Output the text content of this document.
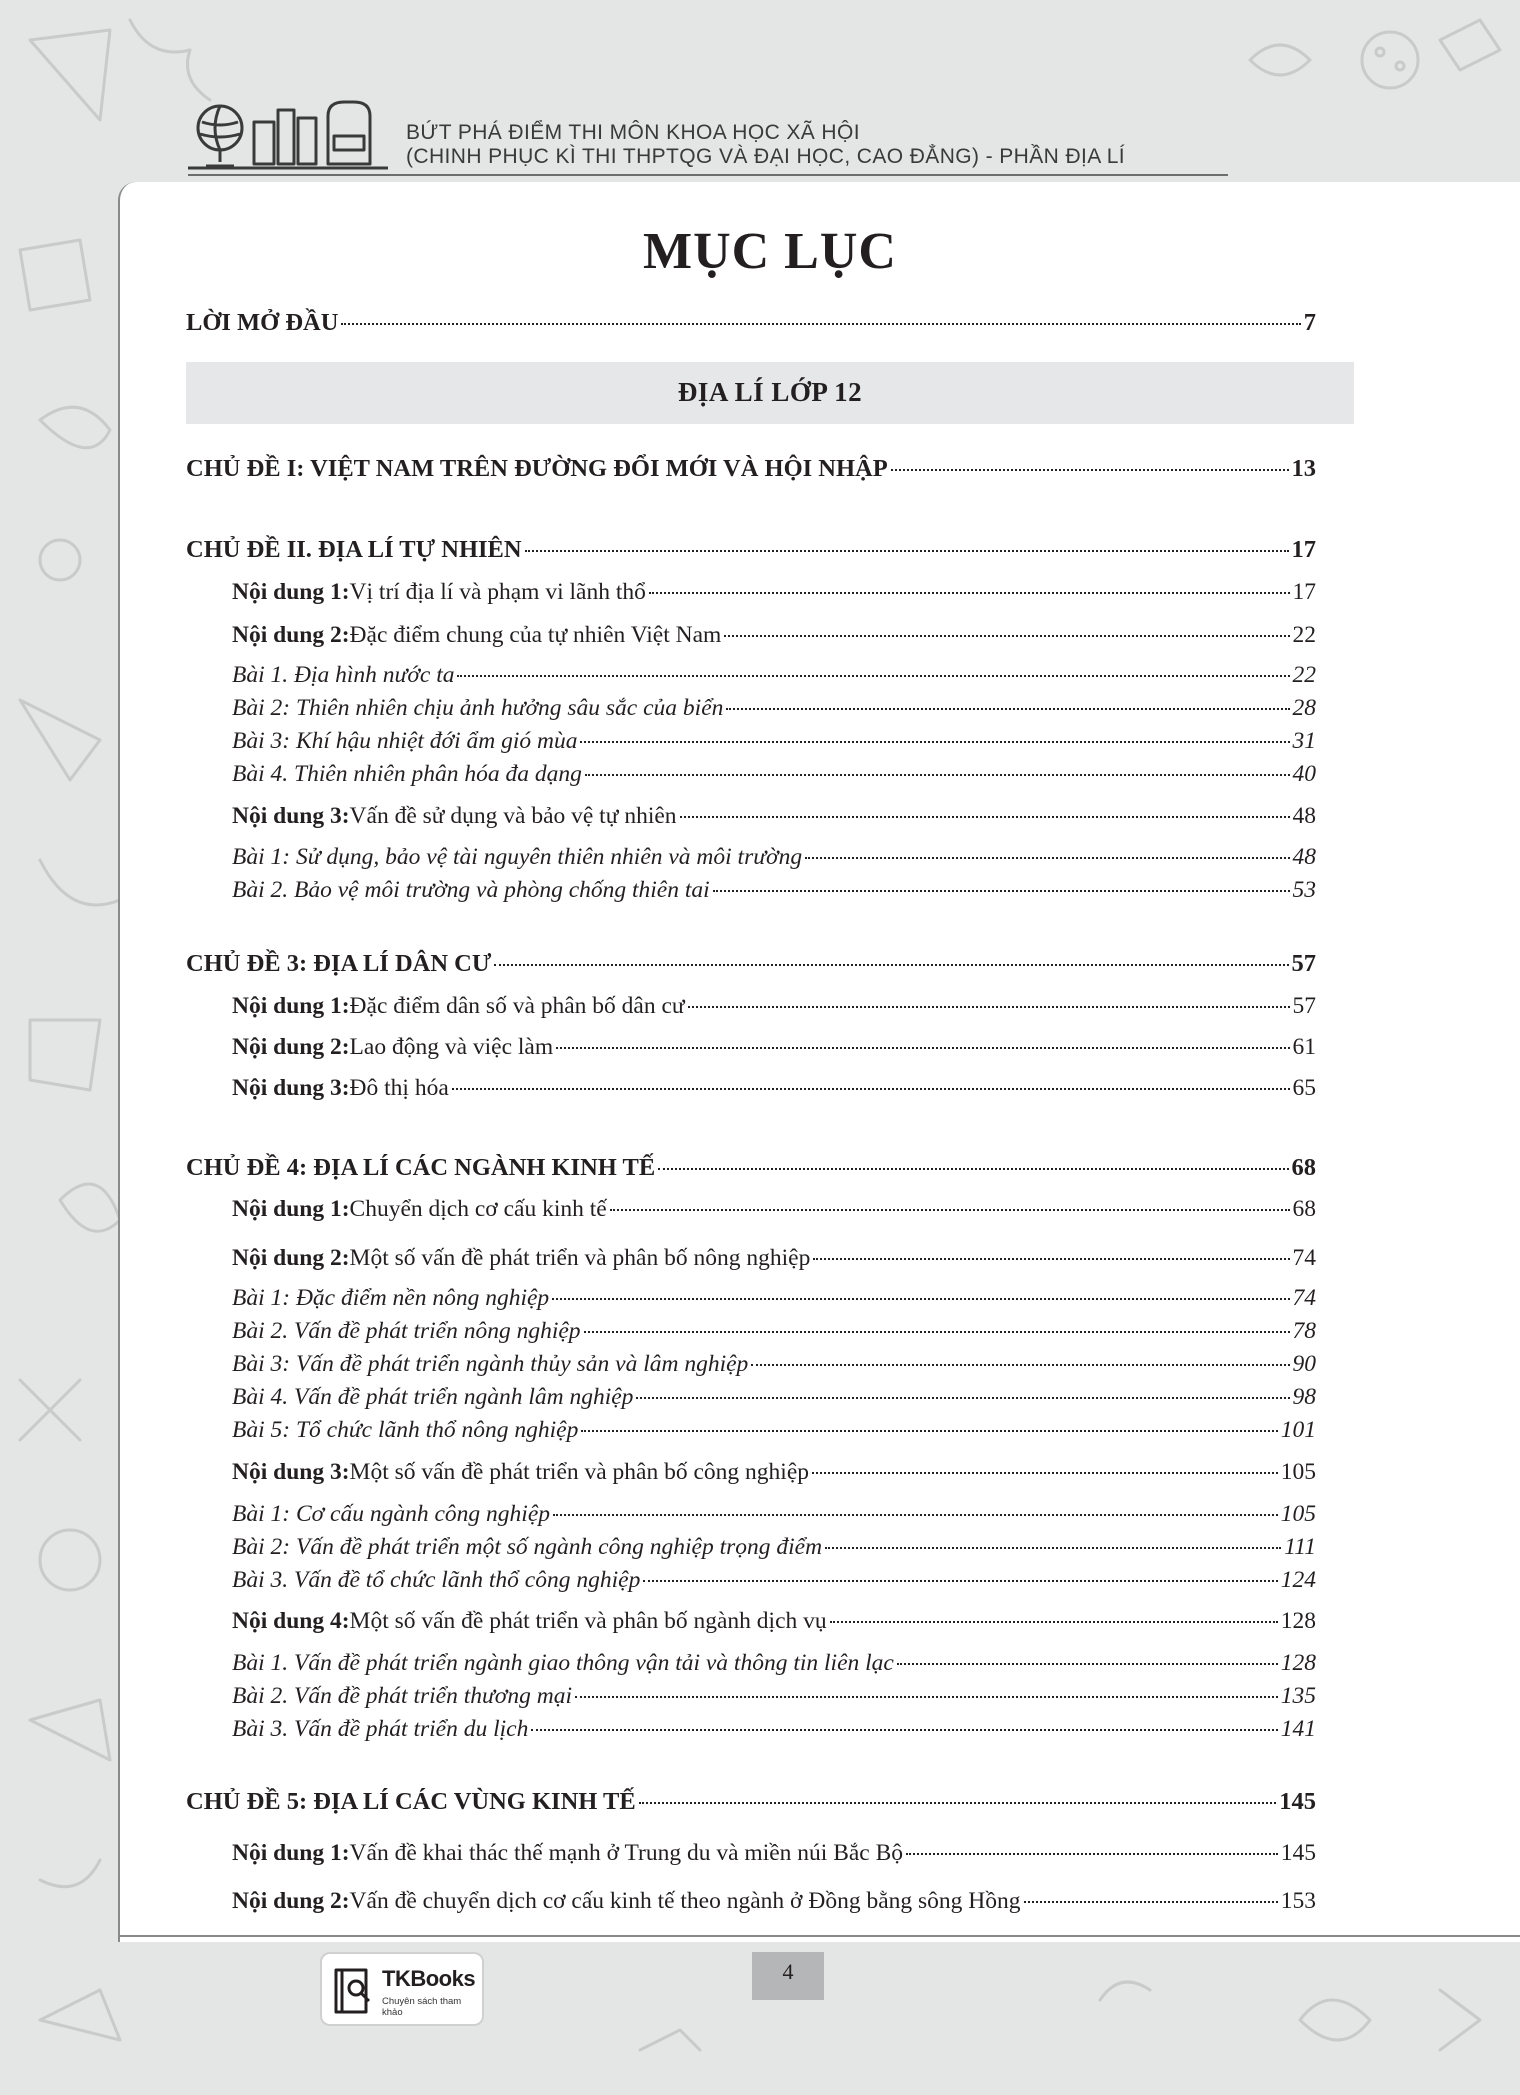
BỨT PHÁ ĐIỂM THI MÔN KHOA HỌC XÃ HỘI
(CHINH PHỤC KÌ THI THPTQG VÀ ĐẠI HỌC, CAO ĐẲNG) - PHẦN ĐỊA LÍ
MỤC LỤC
LỜI MỞ ĐẦU	7
ĐỊA LÍ LỚP 12
CHỦ ĐỀ I: VIỆT NAM TRÊN ĐƯỜNG ĐỔI MỚI VÀ HỘI NHẬP	13
CHỦ ĐỀ II. ĐỊA LÍ TỰ NHIÊN	17
Nội dung 1: Vị trí địa lí và phạm vi lãnh thổ	17
Nội dung 2: Đặc điểm chung của tự nhiên Việt Nam	22
Bài 1. Địa hình nước ta	22
Bài 2: Thiên nhiên chịu ảnh hưởng sâu sắc của biển	28
Bài 3: Khí hậu nhiệt đới ẩm gió mùa	31
Bài 4. Thiên nhiên phân hóa đa dạng	40
Nội dung 3: Vấn đề sử dụng và bảo vệ tự nhiên	48
Bài 1: Sử dụng, bảo vệ tài nguyên thiên nhiên và môi trường	48
Bài 2. Bảo vệ môi trường và phòng chống thiên tai	53
CHỦ ĐỀ 3: ĐỊA LÍ DÂN CƯ	57
Nội dung 1: Đặc điểm dân số và phân bố dân cư	57
Nội dung 2: Lao động và việc làm	61
Nội dung 3: Đô thị hóa	65
CHỦ ĐỀ 4: ĐỊA LÍ CÁC NGÀNH KINH TẾ	68
Nội dung 1: Chuyển dịch cơ cấu kinh tế	68
Nội dung 2: Một số vấn đề phát triển và phân bố nông nghiệp	74
Bài 1: Đặc điểm nền nông nghiệp	74
Bài 2. Vấn đề phát triển nông nghiệp	78
Bài 3: Vấn đề phát triển ngành thủy sản và lâm nghiệp	90
Bài 4. Vấn đề phát triển ngành lâm nghiệp	98
Bài 5: Tổ chức lãnh thổ nông nghiệp	101
Nội dung 3: Một số vấn đề phát triển và phân bố công nghiệp	105
Bài 1: Cơ cấu ngành công nghiệp	105
Bài 2: Vấn đề phát triển một số ngành công nghiệp trọng điểm	111
Bài 3. Vấn đề tổ chức lãnh thổ công nghiệp	124
Nội dung 4: Một số vấn đề phát triển và phân bố ngành dịch vụ	128
Bài 1. Vấn đề phát triển ngành giao thông vận tải và thông tin liên lạc	128
Bài 2. Vấn đề phát triển thương mại	135
Bài 3. Vấn đề phát triển du lịch	141
CHỦ ĐỀ 5: ĐỊA LÍ CÁC VÙNG KINH TẾ	145
Nội dung 1: Vấn đề khai thác thế mạnh ở Trung du và miền núi Bắc Bộ	145
Nội dung 2: Vấn đề chuyển dịch cơ cấu kinh tế theo ngành ở Đồng bằng sông Hồng	153
TKBooks
Chuyên sách tham khảo
4
